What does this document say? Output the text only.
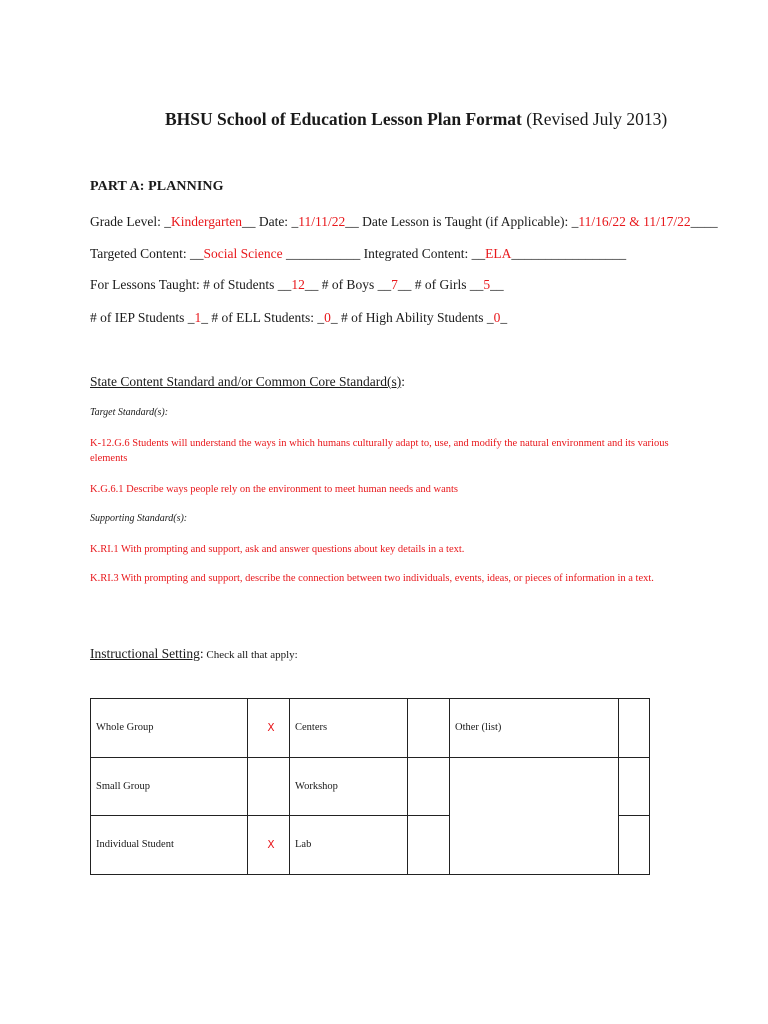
BHSU School of Education Lesson Plan Format (Revised July 2013)
PART A: PLANNING
Grade Level: _Kindergarten__ Date: _11/11/22__ Date Lesson is Taught (if Applicable): _11/16/22 & 11/17/22____
Targeted Content: __Social Science ___________ Integrated Content: __ELA_________________
For Lessons Taught: # of Students __12__ # of Boys __7__ # of Girls __5__
# of IEP Students _1_ # of ELL Students: _0_ # of High Ability Students _0_
State Content Standard and/or Common Core Standard(s):
Target Standard(s):
K-12.G.6 Students will understand the ways in which humans culturally adapt to, use, and modify the natural environment and its various elements
K.G.6.1 Describe ways people rely on the environment to meet human needs and wants
Supporting Standard(s):
K.RI.1 With prompting and support, ask and answer questions about key details in a text.
K.RI.3 With prompting and support, describe the connection between two individuals, events, ideas, or pieces of information in a text.
Instructional Setting: Check all that apply:
Whole Group	X	Centers		Other (list)	
Small Group		Workshop			
Individual Student	X	Lab			
